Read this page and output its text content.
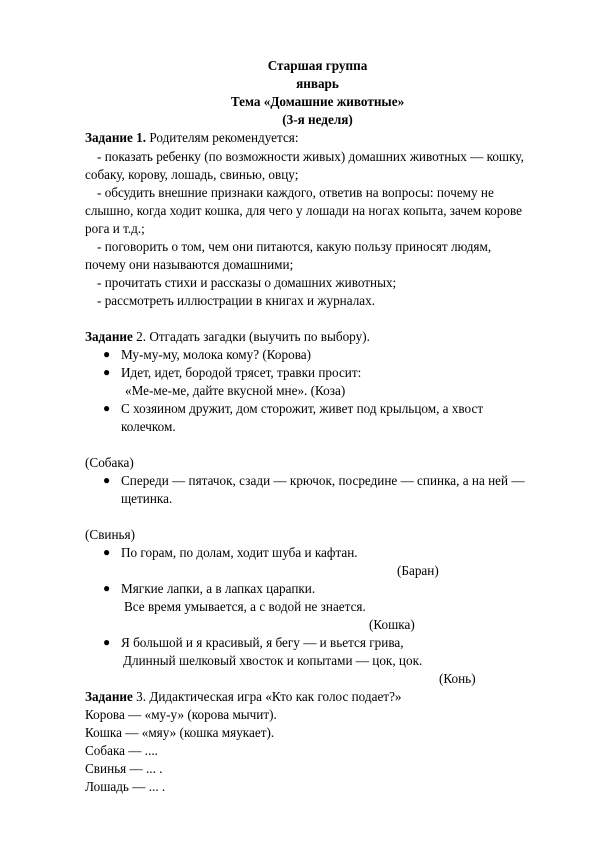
Старшая группа
январь
Тема «Домашние животные»
(3-я неделя)
Задание 1. Родителям рекомендуется:
- показать ребенку (по возможности живых) домашних животных — кошку,
собаку, корову, лошадь, свинью, овцу;
- обсудить внешние признаки каждого, ответив на вопросы: почему не
слышно, когда ходит кошка, для чего у лошади на ногах копыта, зачем корове
рога и т.д.;
- поговорить о том, чем они питаются, какую пользу приносят людям,
почему они называются домашними;
- прочитать стихи и рассказы о домашних животных;
- рассмотреть иллюстрации в книгах и журналах.
Задание 2. Отгадать загадки (выучить по выбору).
● Му-му-му, молока кому? (Корова)
● Идет, идет, бородой трясет, травки просит:
«Ме-ме-ме, дайте вкусной мне». (Коза)
● С хозяином дружит, дом сторожит, живет под крыльцом, а хвост
колечком.
(Собака)
● Спереди — пятачок, сзади — крючок, посредине — спинка, а на ней —
щетинка.
(Свинья)
● По горам, по долам, ходит шуба и кафтан.
(Баран)
● Мягкие лапки, а в лапках царапки.
Все время умывается, а с водой не знается.
(Кошка)
● Я большой и я красивый, я бегу — и вьется грива,
Длинный шелковый хвосток и копытами — цок, цок.
(Конь)
Задание 3. Дидактическая игра «Кто как голос подает?»
Корова — «му-у» (корова мычит).
Кошка — «мяу» (кошка мяукает).
Собака — ....
Свинья — ... .
Лошадь — ... .
